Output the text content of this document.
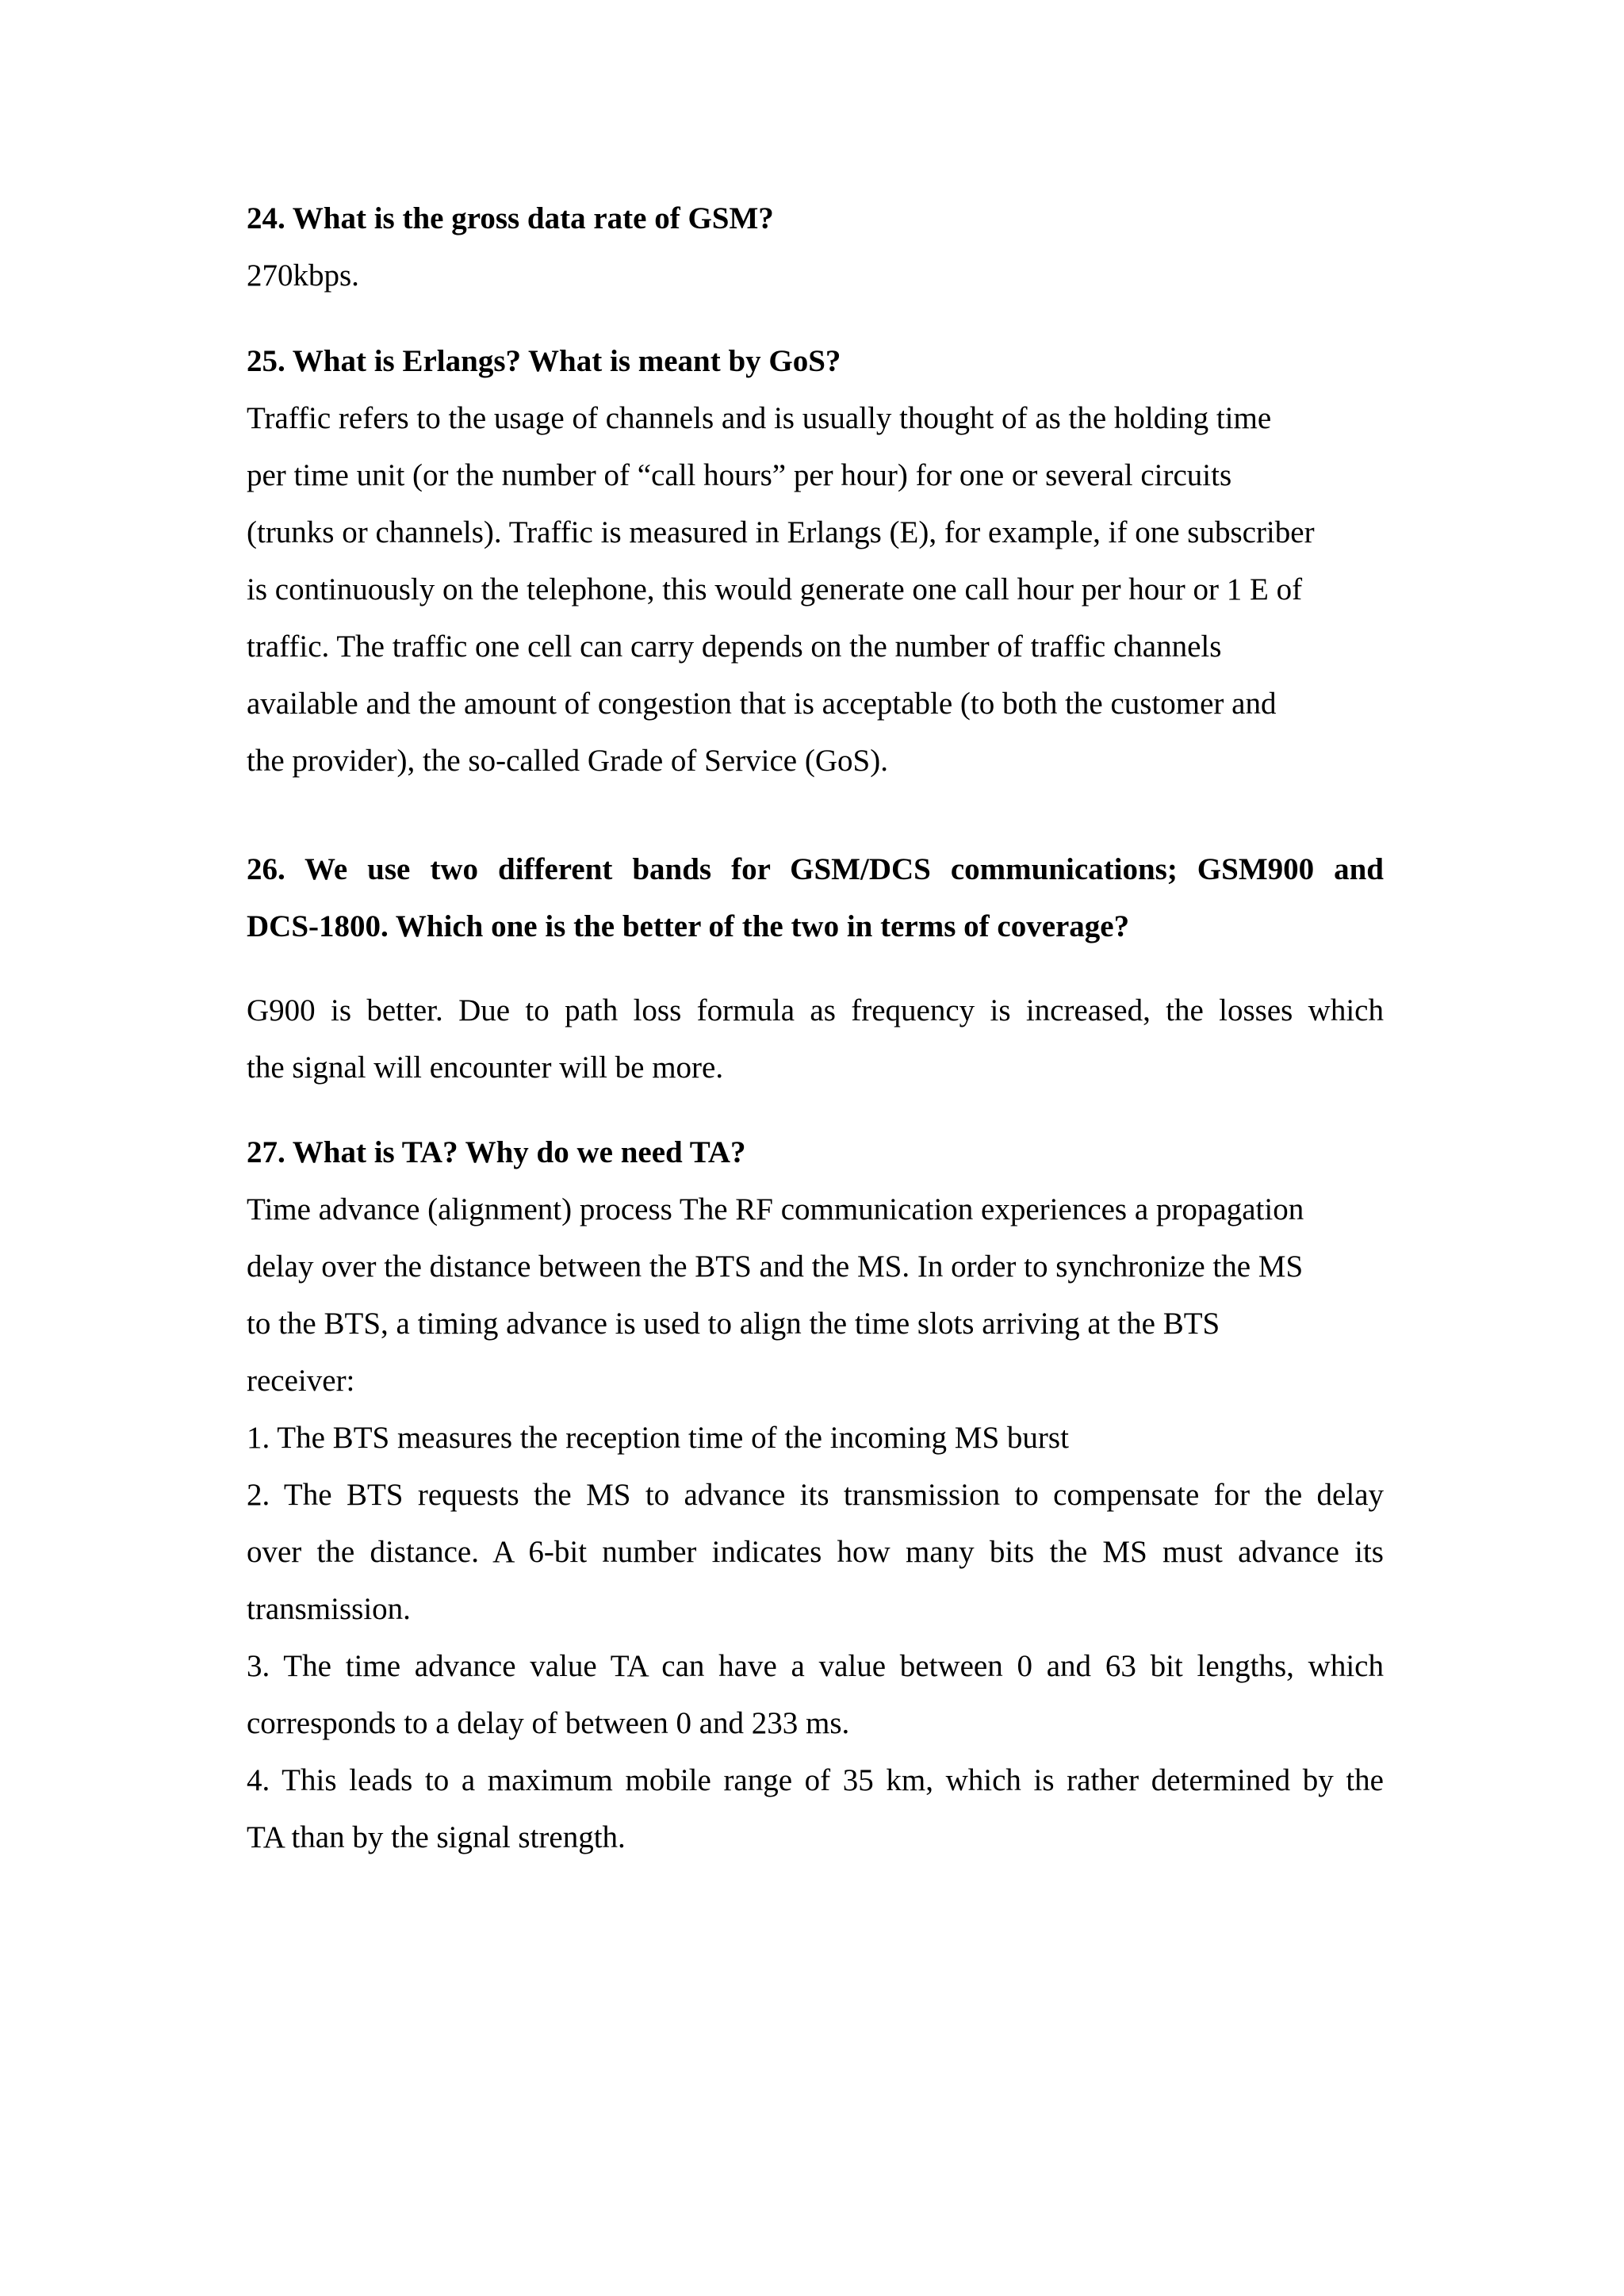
24. What is the gross data rate of GSM?

270kbps.

25. What is Erlangs? What is meant by GoS?

Traffic refers to the usage of channels and is usually thought of as the holding time
per time unit (or the number of “call hours” per hour) for one or several circuits
(trunks or channels). Traffic is measured in Erlangs (E), for example, if one subscriber
is continuously on the telephone, this would generate one call hour per hour or 1 E of
traffic. The traffic one cell can carry depends on the number of traffic channels
available and the amount of congestion that is acceptable (to both the customer and
the provider), the so-called Grade of Service (GoS).
26. We use two different bands for GSM/DCS communications; GSM900 and
DCS-1800. Which one is the better of the two in terms of coverage?
G900 is better. Due to path loss formula as frequency is increased, the losses which
the signal will encounter will be more.

27. What is TA? Why do we need TA?

Time advance (alignment) process The RF communication experiences a propagation
delay over the distance between the BTS and the MS. In order to synchronize the MS
to the BTS, a timing advance is used to align the time slots arriving at the BTS
receiver:
1. The BTS measures the reception time of the incoming MS burst
2. The BTS requests the MS to advance its transmission to compensate for the delay
over the distance. A 6-bit number indicates how many bits the MS must advance its
transmission.
3. The time advance value TA can have a value between 0 and 63 bit lengths, which
corresponds to a delay of between 0 and 233 ms.
4. This leads to a maximum mobile range of 35 km, which is rather determined by the
TA than by the signal strength.
